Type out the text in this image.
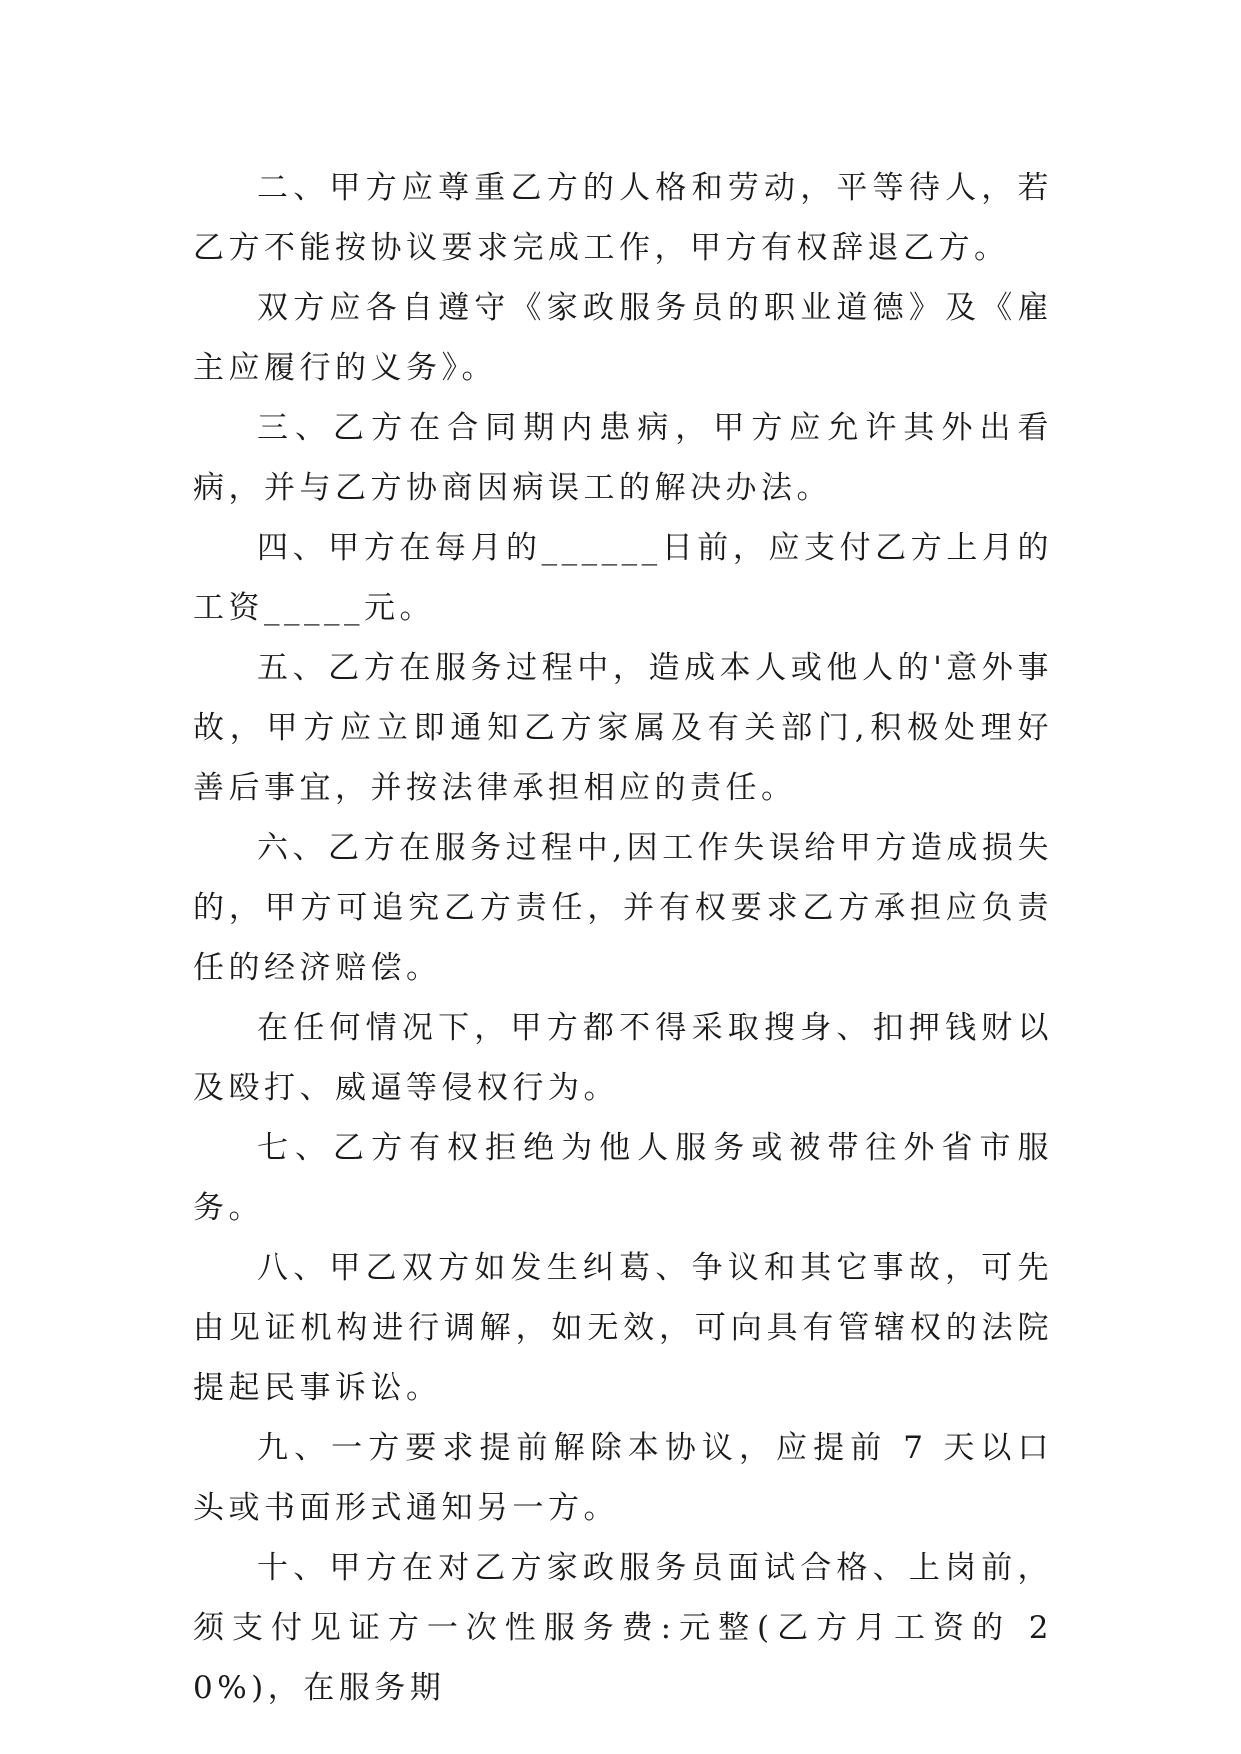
二、甲方应尊重乙方的人格和劳动，平等待人，若乙方不能按协议要求完成工作，甲方有权辞退乙方。

双方应各自遵守《家政服务员的职业道德》及《雇主应履行的义务》。

三、乙方在合同期内患病，甲方应允许其外出看病，并与乙方协商因病误工的解决办法。

四、甲方在每月的______日前，应支付乙方上月的工资_____元。

五、乙方在服务过程中，造成本人或他人的'意外事故，甲方应立即通知乙方家属及有关部门,积极处理好善后事宜，并按法律承担相应的责任。

六、乙方在服务过程中,因工作失误给甲方造成损失的，甲方可追究乙方责任，并有权要求乙方承担应负责任的经济赔偿。

在任何情况下，甲方都不得采取搜身、扣押钱财以及殴打、威逼等侵权行为。

七、乙方有权拒绝为他人服务或被带往外省市服务。

八、甲乙双方如发生纠葛、争议和其它事故，可先由见证机构进行调解，如无效，可向具有管辖权的法院提起民事诉讼。

九、一方要求提前解除本协议，应提前 7 天以口头或书面形式通知另一方。

十、甲方在对乙方家政服务员面试合格、上岗前，须支付见证方一次性服务费:元整(乙方月工资的 20%)，在服务期
